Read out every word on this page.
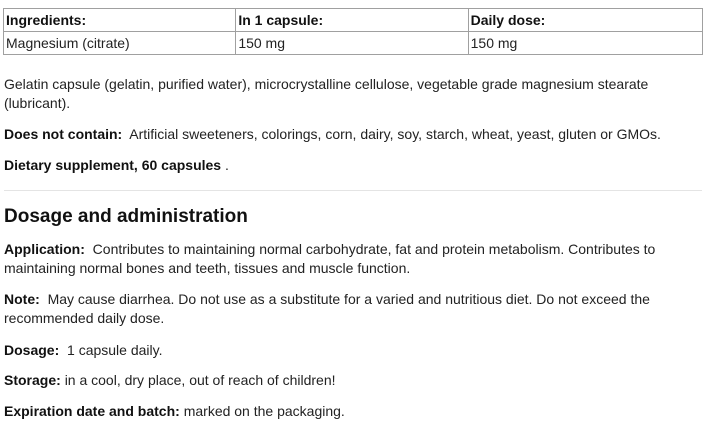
Ingredients:	In 1 capsule:	Daily dose:
Magnesium (citrate)	150 mg	150 mg

Gelatin capsule (gelatin, purified water), microcrystalline cellulose, vegetable grade magnesium stearate (lubricant).

Does not contain: Artificial sweeteners, colorings, corn, dairy, soy, starch, wheat, yeast, gluten or GMOs.

Dietary supplement, 60 capsules .

Dosage and administration

Application: Contributes to maintaining normal carbohydrate, fat and protein metabolism. Contributes to maintaining normal bones and teeth, tissues and muscle function.

Note: May cause diarrhea. Do not use as a substitute for a varied and nutritious diet. Do not exceed the recommended daily dose.

Dosage: 1 capsule daily.

Storage: in a cool, dry place, out of reach of children!

Expiration date and batch: marked on the packaging.
